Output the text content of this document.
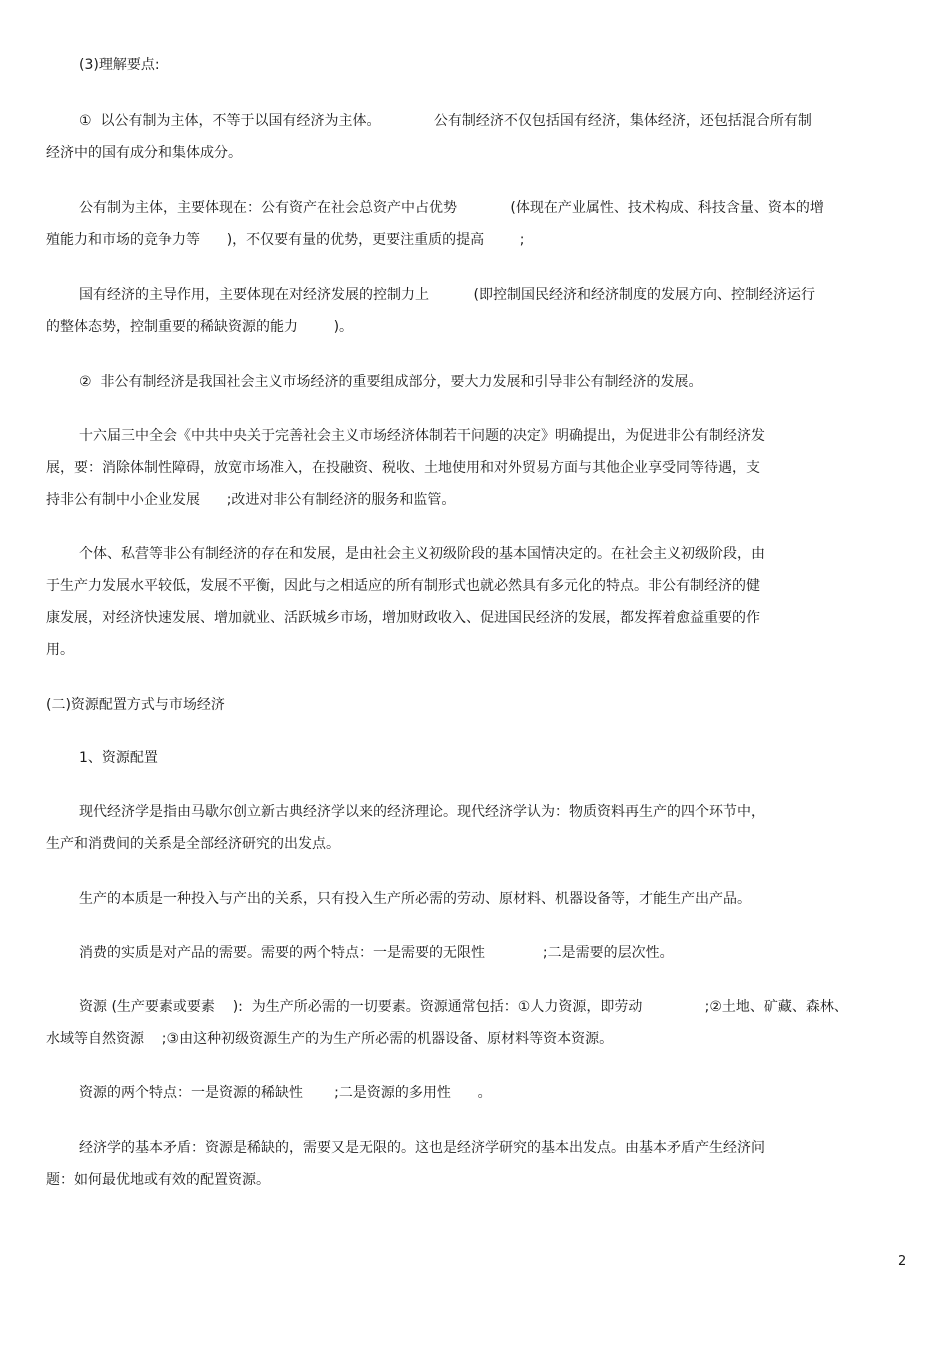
(3)理解要点:
①  以公有制为主体，不等于以国有经济为主体。            公有制经济不仅包括国有经济，集体经济，还包括混合所有制
经济中的国有成分和集体成分。
公有制为主体，主要体现在：公有资产在社会总资产中占优势            (体现在产业属性、技术构成、科技含量、资本的增
殖能力和市场的竞争力等      )，不仅要有量的优势，更要注重质的提高        ;
国有经济的主导作用，主要体现在对经济发展的控制力上          (即控制国民经济和经济制度的发展方向、控制经济运行
的整体态势，控制重要的稀缺资源的能力        )。
②  非公有制经济是我国社会主义市场经济的重要组成部分，要大力发展和引导非公有制经济的发展。
十六届三中全会《中共中央关于完善社会主义市场经济体制若干问题的决定》明确提出，为促进非公有制经济发
展，要：消除体制性障碍，放宽市场准入，在投融资、税收、土地使用和对外贸易方面与其他企业享受同等待遇，支
持非公有制中小企业发展      ;改进对非公有制经济的服务和监管。
个体、私营等非公有制经济的存在和发展，是由社会主义初级阶段的基本国情决定的。在社会主义初级阶段，由
于生产力发展水平较低，发展不平衡，因此与之相适应的所有制形式也就必然具有多元化的特点。非公有制经济的健
康发展，对经济快速发展、增加就业、活跃城乡市场，增加财政收入、促进国民经济的发展，都发挥着愈益重要的作
用。
(二)资源配置方式与市场经济
1、资源配置
现代经济学是指由马歇尔创立新古典经济学以来的经济理论。现代经济学认为：物质资料再生产的四个环节中，
生产和消费间的关系是全部经济研究的出发点。
生产的本质是一种投入与产出的关系，只有投入生产所必需的劳动、原材料、机器设备等，才能生产出产品。
消费的实质是对产品的需要。需要的两个特点：一是需要的无限性             ;二是需要的层次性。
资源 (生产要素或要素    ):  为生产所必需的一切要素。资源通常包括：①人力资源，即劳动              ;②土地、矿藏、森林、
水域等自然资源    ;③由这种初级资源生产的为生产所必需的机器设备、原材料等资本资源。
资源的两个特点：一是资源的稀缺性       ;二是资源的多用性      。
经济学的基本矛盾：资源是稀缺的，需要又是无限的。这也是经济学研究的基本出发点。由基本矛盾产生经济问
题：如何最优地或有效的配置资源。
2
